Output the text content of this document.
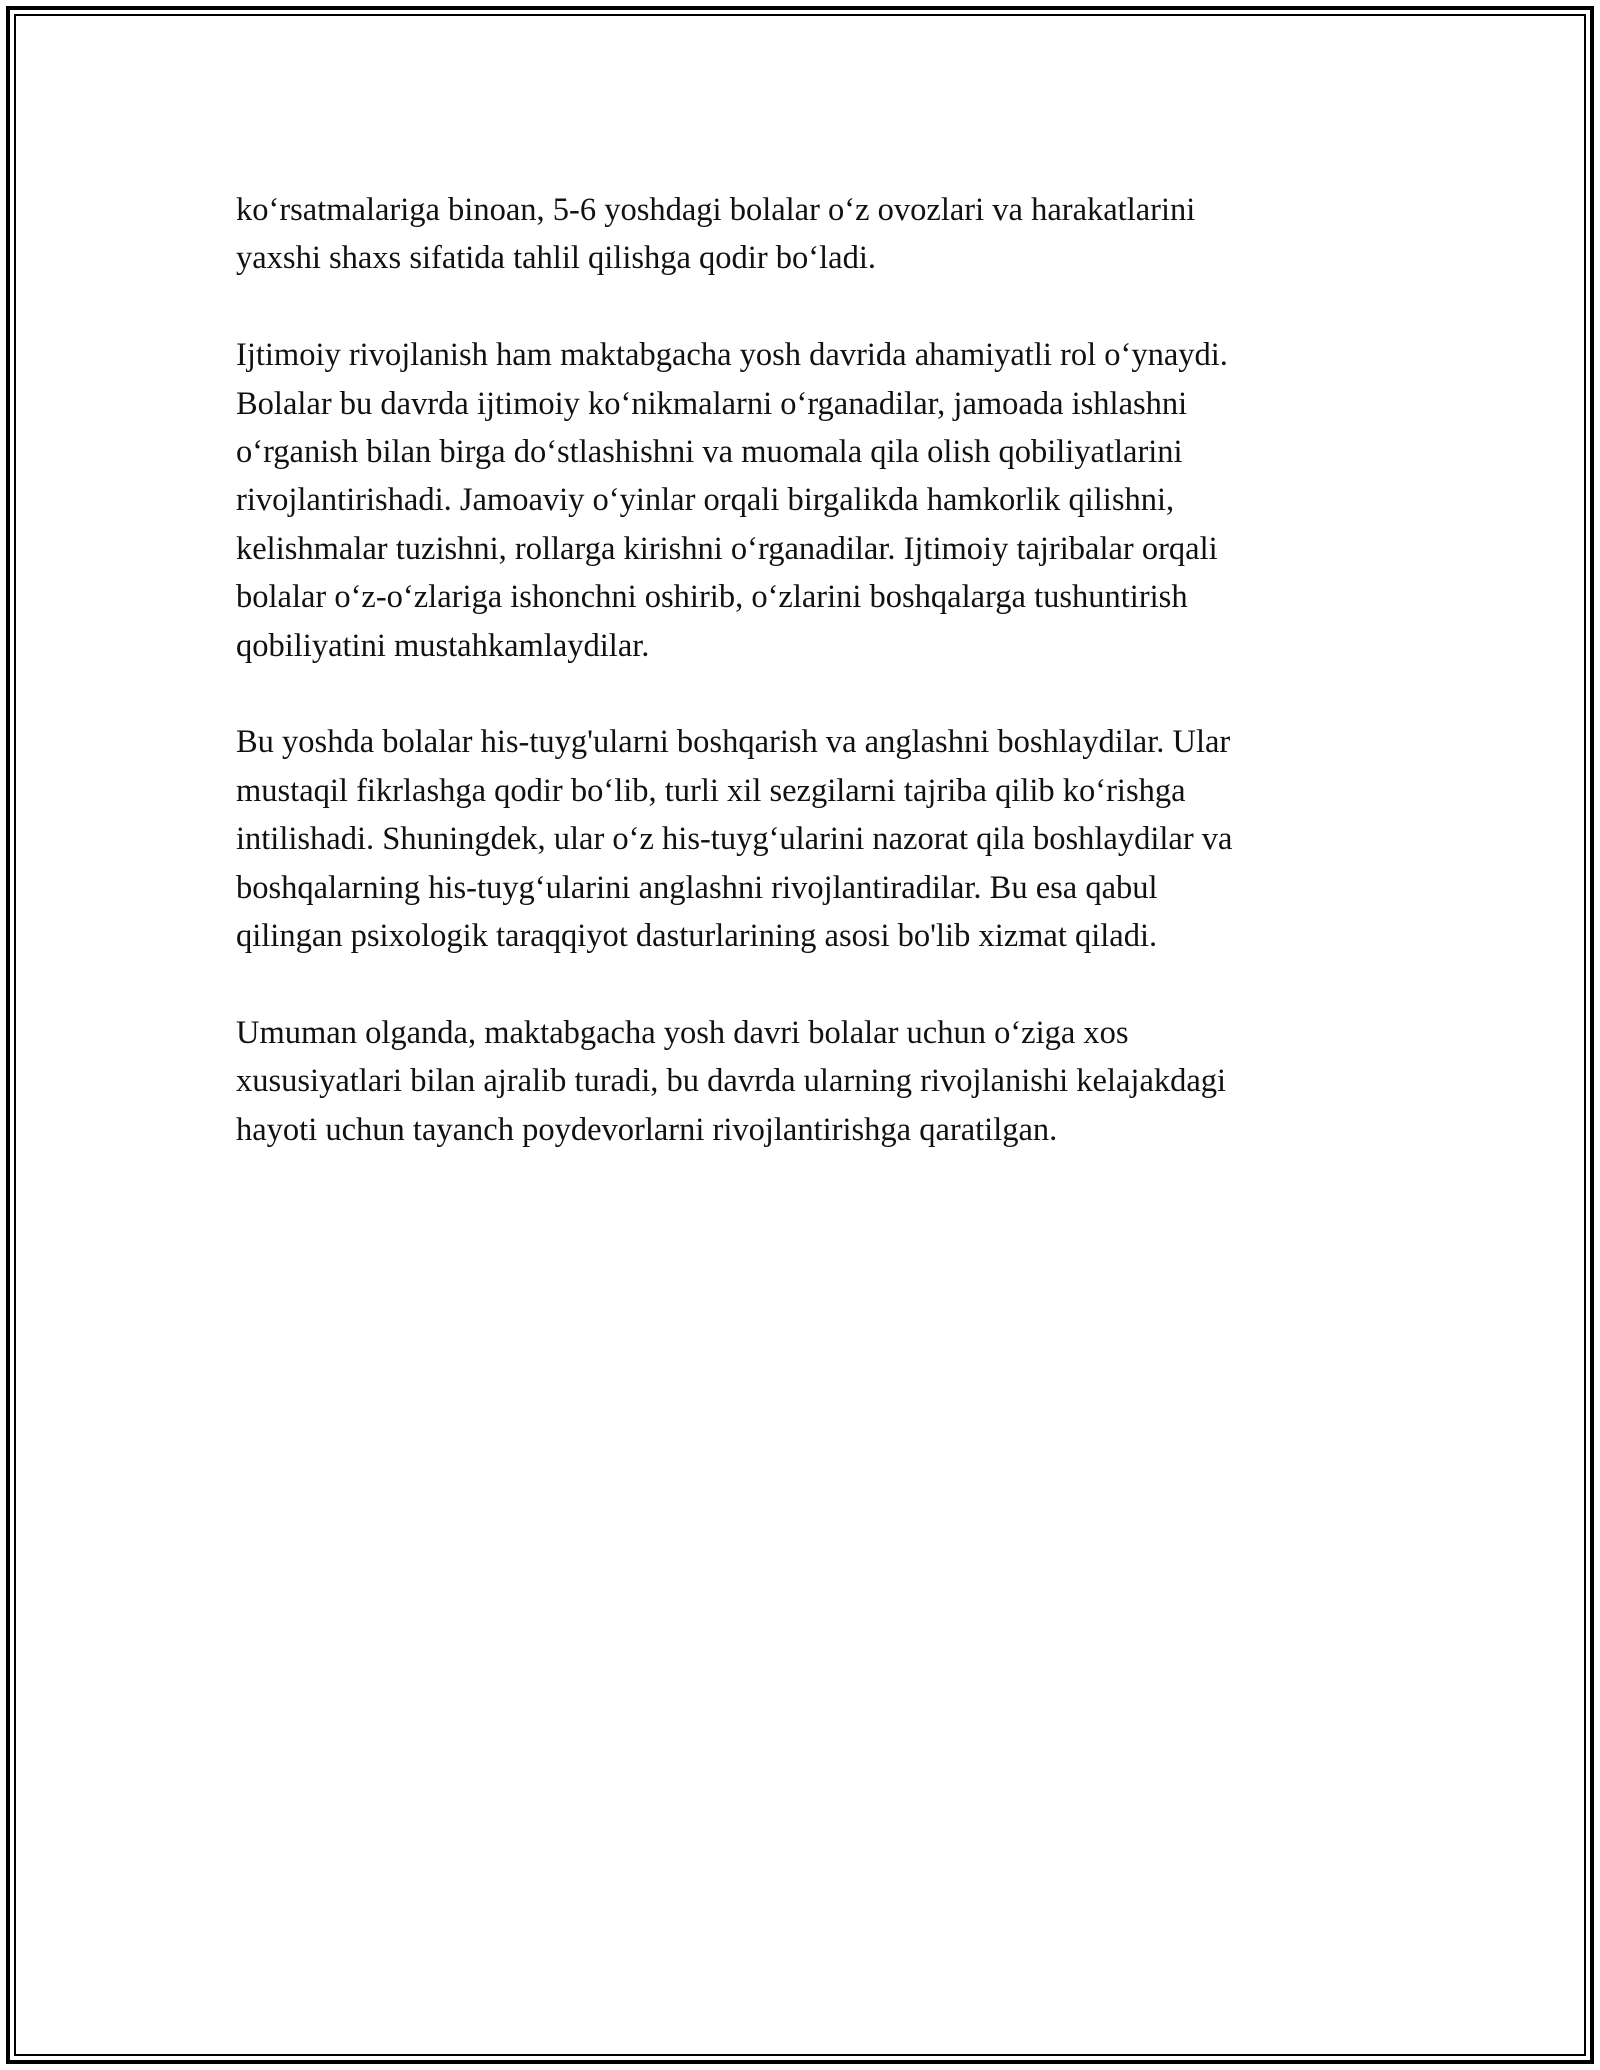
ko‘rsatmalariga binoan, 5-6 yoshdagi bolalar o‘z ovozlari va harakatlarini
yaxshi shaxs sifatida tahlil qilishga qodir bo‘ladi.

Ijtimoiy rivojlanish ham maktabgacha yosh davrida ahamiyatli rol o‘ynaydi.
Bolalar bu davrda ijtimoiy ko‘nikmalarni o‘rganadilar, jamoada ishlashni
o‘rganish bilan birga do‘stlashishni va muomala qila olish qobiliyatlarini
rivojlantirishadi. Jamoaviy o‘yinlar orqali birgalikda hamkorlik qilishni,
kelishmalar tuzishni, rollarga kirishni o‘rganadilar. Ijtimoiy tajribalar orqali
bolalar o‘z-o‘zlariga ishonchni oshirib, o‘zlarini boshqalarga tushuntirish
qobiliyatini mustahkamlaydilar.

Bu yoshda bolalar his-tuyg'ularni boshqarish va anglashni boshlaydilar. Ular
mustaqil fikrlashga qodir bo‘lib, turli xil sezgilarni tajriba qilib ko‘rishga
intilishadi. Shuningdek, ular o‘z his-tuyg‘ularini nazorat qila boshlaydilar va
boshqalarning his-tuyg‘ularini anglashni rivojlantiradilar. Bu esa qabul
qilingan psixologik taraqqiyot dasturlarining asosi bo'lib xizmat qiladi.

Umuman olganda, maktabgacha yosh davri bolalar uchun o‘ziga xos
xususiyatlari bilan ajralib turadi, bu davrda ularning rivojlanishi kelajakdagi
hayoti uchun tayanch poydevorlarni rivojlantirishga qaratilgan.
